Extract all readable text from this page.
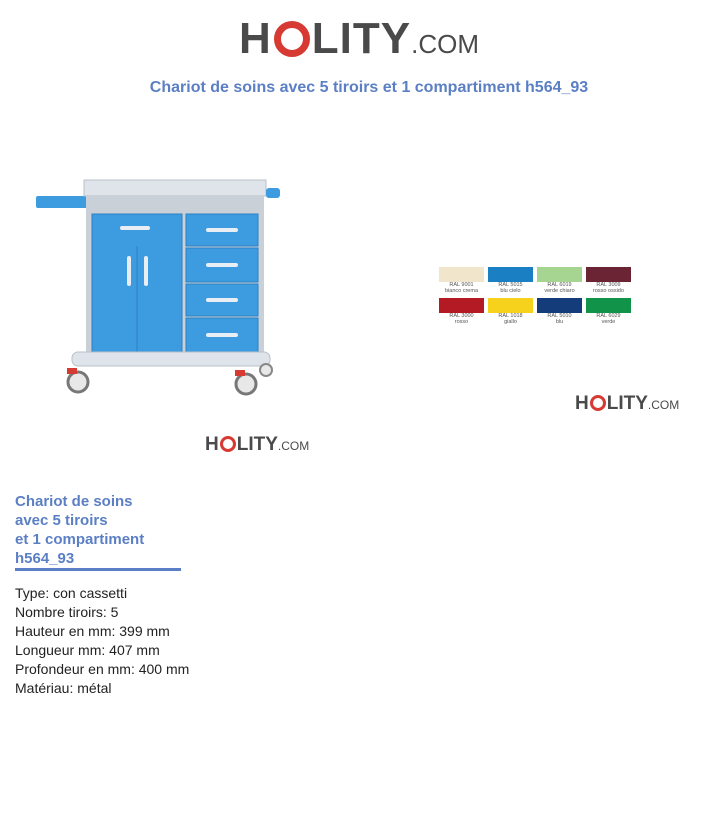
H LITY .COM
Chariot de soins avec 5 tiroirs et 1 compartiment h564_93
H LITY .COM
RAL 9001
bianco crema
RAL 5015
blu cielo
RAL 6019
verde chiaro
RAL 3009
rosso ossido
RAL 3000
rosso
RAL 1018
giallo
RAL 5010
blu
RAL 6029
verde
H LITY .COM
Chariot de soins
avec 5 tiroirs
et 1 compartiment
h564_93
Type: con cassetti
Nombre tiroirs: 5
Hauteur en mm: 399 mm
Longueur mm: 407 mm
Profondeur en mm: 400 mm
Matériau: métal
